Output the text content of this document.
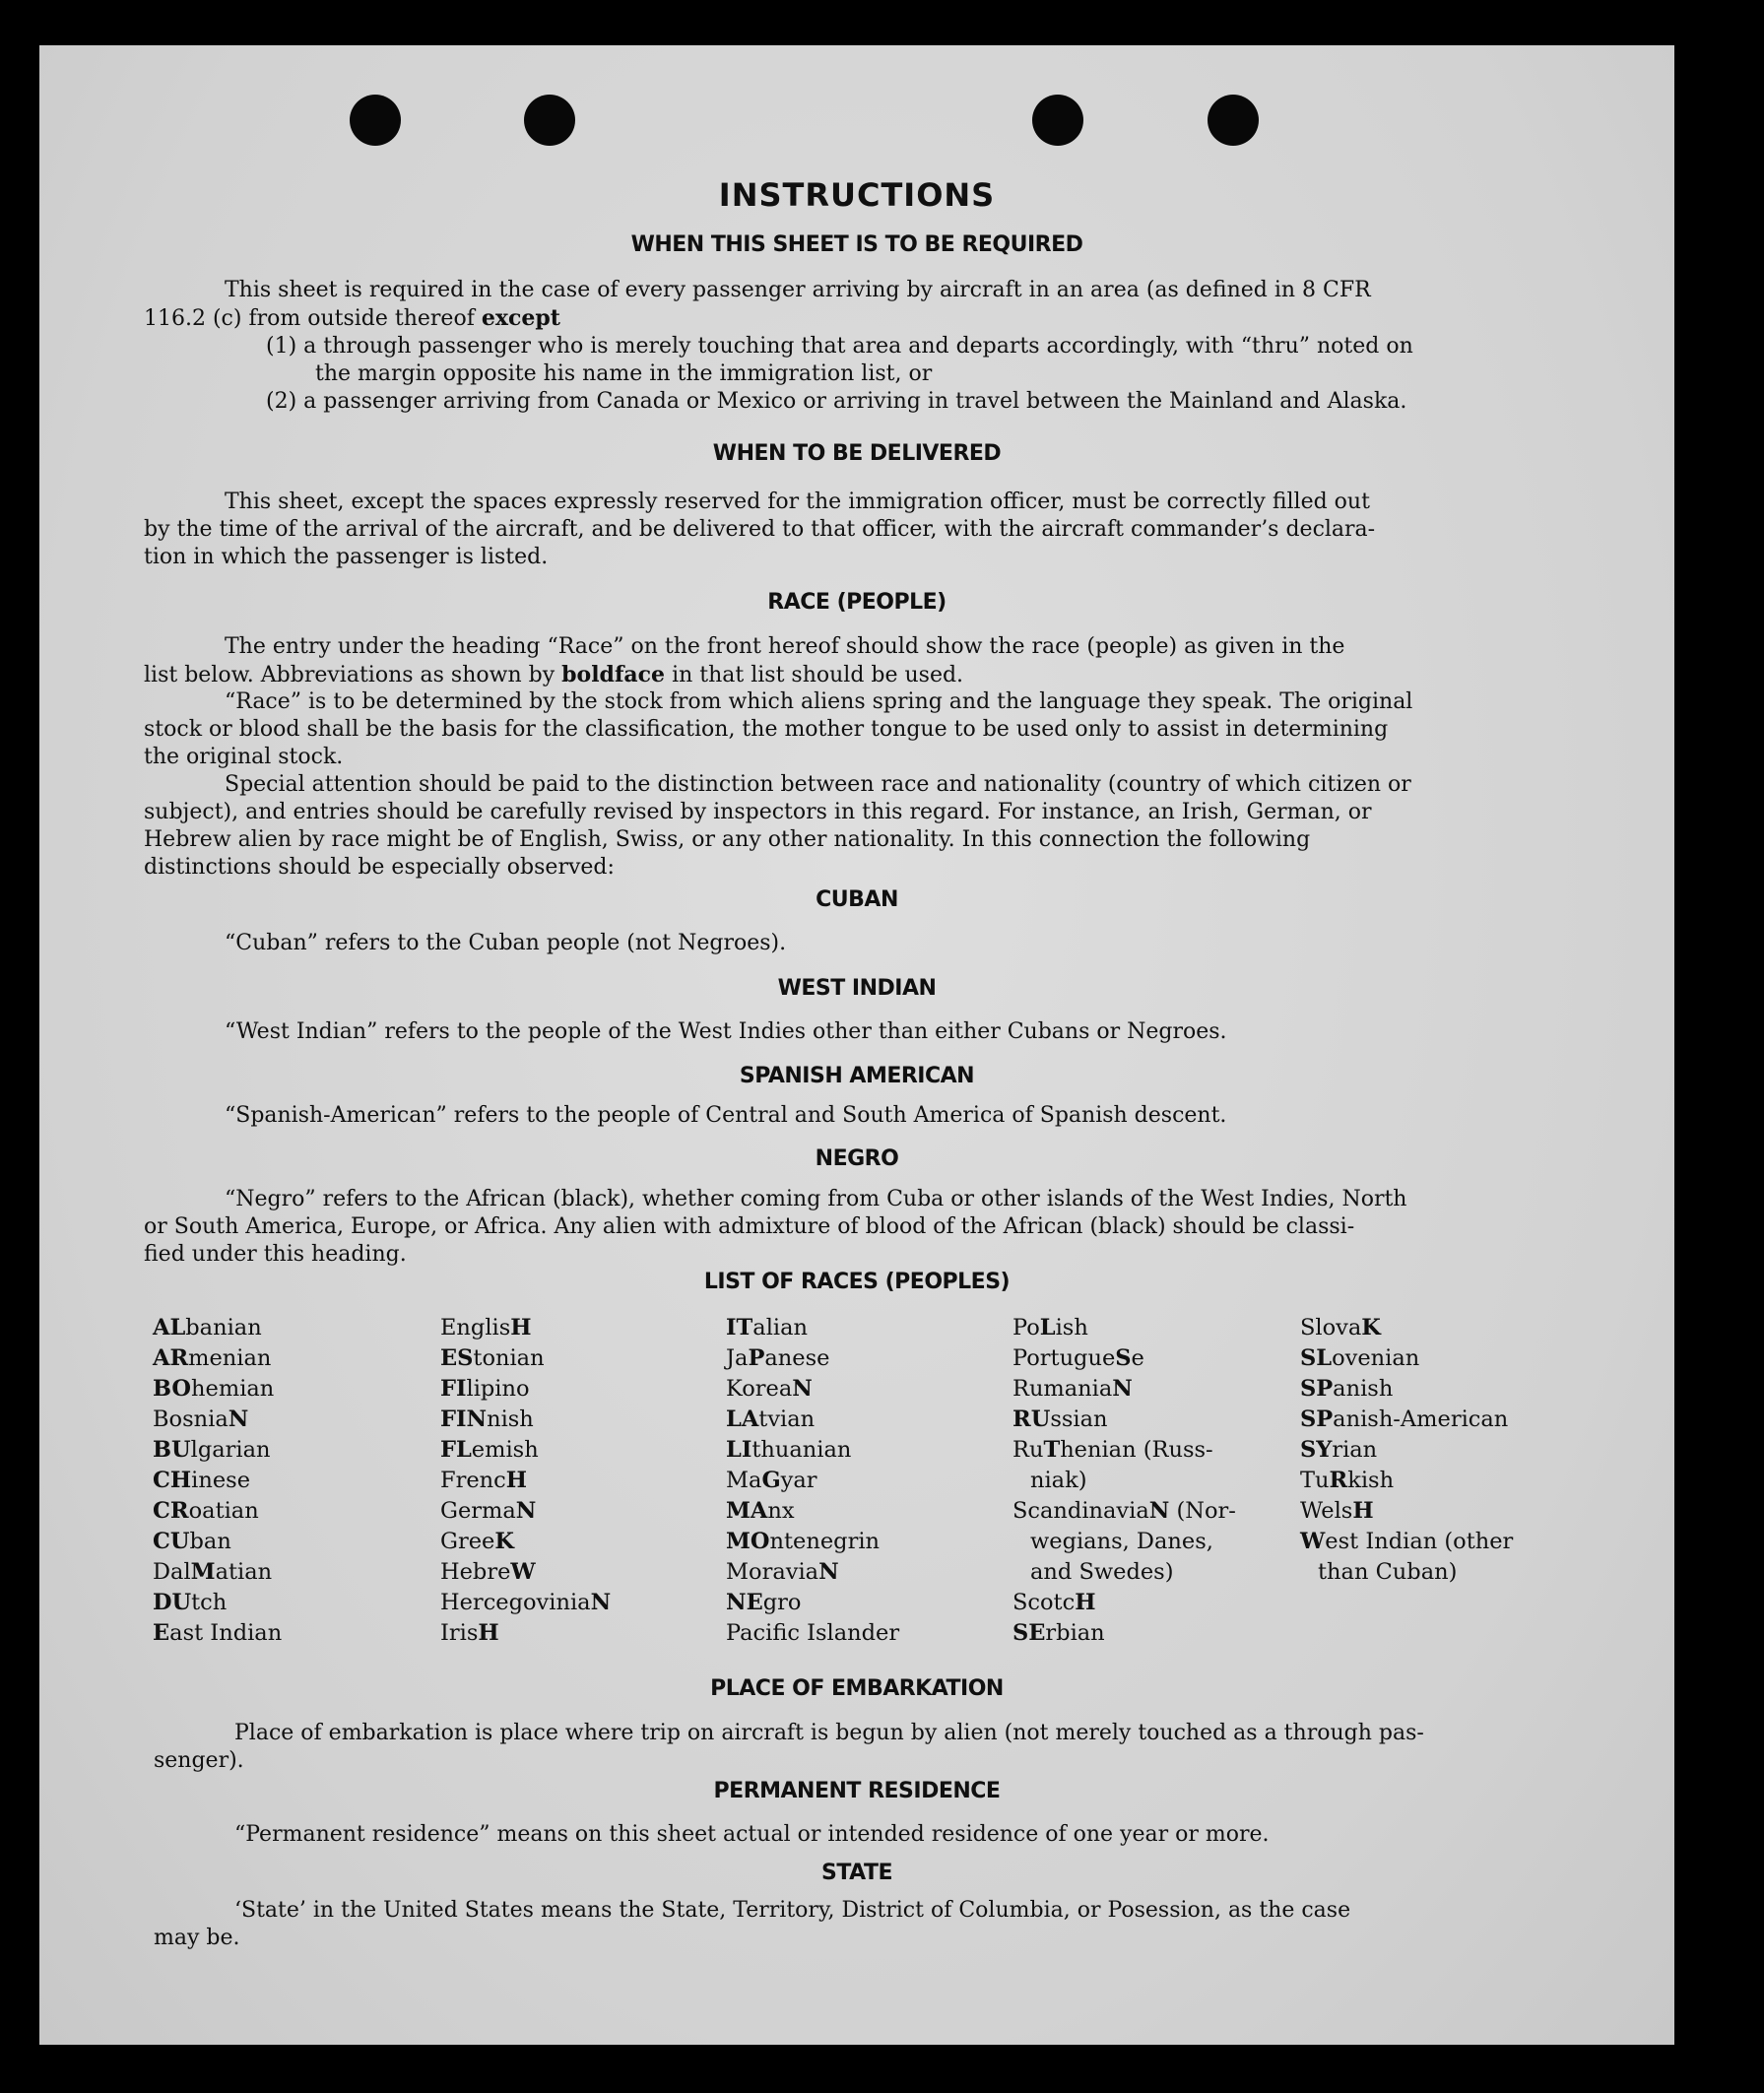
INSTRUCTIONS
WHEN THIS SHEET IS TO BE REQUIRED
This sheet is required in the case of every passenger arriving by aircraft in an area (as defined in 8 CFR
116.2 (c) from outside thereof except
(1) a through passenger who is merely touching that area and departs accordingly, with “thru” noted on
the margin opposite his name in the immigration list, or
(2) a passenger arriving from Canada or Mexico or arriving in travel between the Mainland and Alaska.
WHEN TO BE DELIVERED
This sheet, except the spaces expressly reserved for the immigration officer, must be correctly filled out
by the time of the arrival of the aircraft, and be delivered to that officer, with the aircraft commander’s declara-
tion in which the passenger is listed.
RACE (PEOPLE)
The entry under the heading “Race” on the front hereof should show the race (people) as given in the
list below. Abbreviations as shown by boldface in that list should be used.
“Race” is to be determined by the stock from which aliens spring and the language they speak. The original
stock or blood shall be the basis for the classification, the mother tongue to be used only to assist in determining
the original stock.
Special attention should be paid to the distinction between race and nationality (country of which citizen or
subject), and entries should be carefully revised by inspectors in this regard. For instance, an Irish, German, or
Hebrew alien by race might be of English, Swiss, or any other nationality. In this connection the following
distinctions should be especially observed:
CUBAN
“Cuban” refers to the Cuban people (not Negroes).
WEST INDIAN
“West Indian” refers to the people of the West Indies other than either Cubans or Negroes.
SPANISH AMERICAN
“Spanish-American” refers to the people of Central and South America of Spanish descent.
NEGRO
“Negro” refers to the African (black), whether coming from Cuba or other islands of the West Indies, North
or South America, Europe, or Africa. Any alien with admixture of blood of the African (black) should be classi-
fied under this heading.
LIST OF RACES (PEOPLES)
ALbanian
ARmenian
BOhemian
BosniaN
BUlgarian
CHinese
CRoatian
CUban
DalMatian
DUtch
East Indian
EnglisH
EStonian
FIlipino
FINnish
FLemish
FrencH
GermaN
GreeK
HebreW
HercegoviniaN
IrisH
ITalian
JaPanese
KoreaN
LAtvian
LIthuanian
MaGyar
MAnx
MOntenegrin
MoraviaN
NEgro
Pacific Islander
PoLish
PortugueSe
RumaniaN
RUssian
RuThenian (Russ-
niak)
ScandinaviaN (Nor-
wegians, Danes,
and Swedes)
ScotcH
SErbian
SlovaK
SLovenian
SPanish
SPanish-American
SYrian
TuRkish
WelsH
West Indian (other
than Cuban)
PLACE OF EMBARKATION
Place of embarkation is place where trip on aircraft is begun by alien (not merely touched as a through pas-
senger).
PERMANENT RESIDENCE
“Permanent residence” means on this sheet actual or intended residence of one year or more.
STATE
‘State’ in the United States means the State, Territory, District of Columbia, or Posession, as the case
may be.
